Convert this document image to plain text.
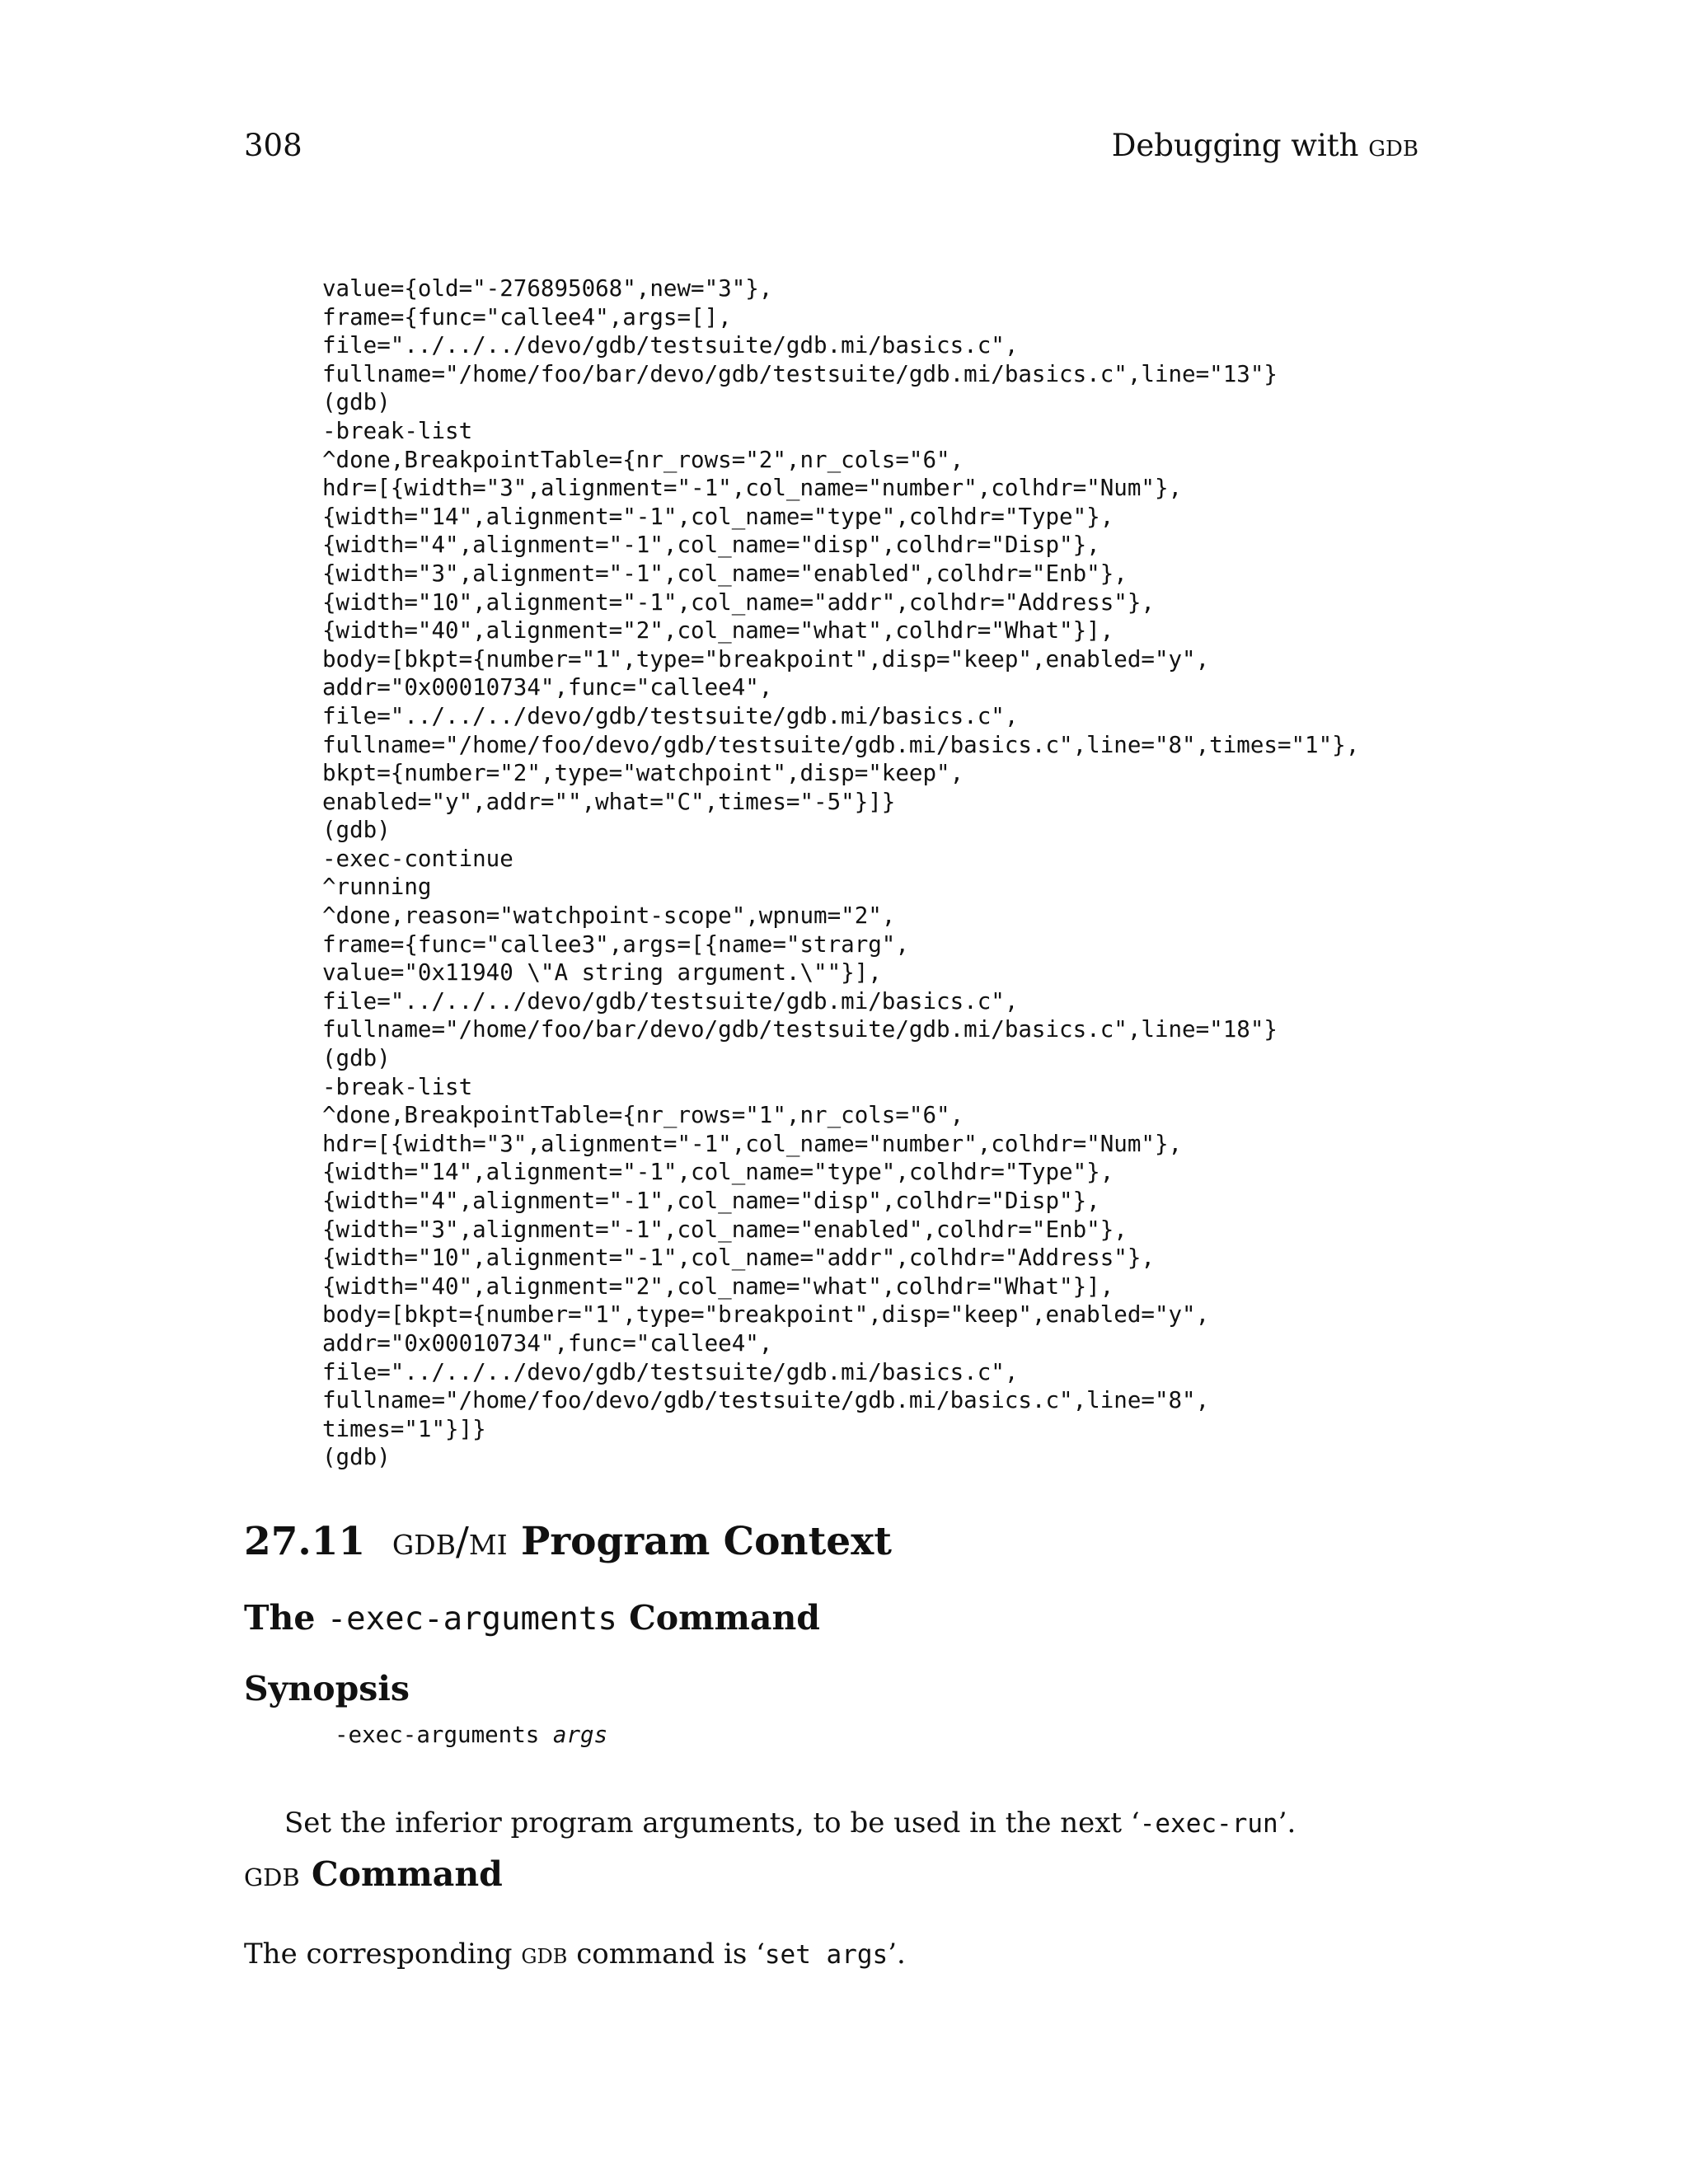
308	Debugging with gdb
value={old="-276895068",new="3"},
frame={func="callee4",args=[],
file="../../../devo/gdb/testsuite/gdb.mi/basics.c",
fullname="/home/foo/bar/devo/gdb/testsuite/gdb.mi/basics.c",line="13"}
(gdb)
-break-list
^done,BreakpointTable={nr_rows="2",nr_cols="6",
hdr=[{width="3",alignment="-1",col_name="number",colhdr="Num"},
{width="14",alignment="-1",col_name="type",colhdr="Type"},
{width="4",alignment="-1",col_name="disp",colhdr="Disp"},
{width="3",alignment="-1",col_name="enabled",colhdr="Enb"},
{width="10",alignment="-1",col_name="addr",colhdr="Address"},
{width="40",alignment="2",col_name="what",colhdr="What"}],
body=[bkpt={number="1",type="breakpoint",disp="keep",enabled="y",
addr="0x00010734",func="callee4",
file="../../../devo/gdb/testsuite/gdb.mi/basics.c",
fullname="/home/foo/devo/gdb/testsuite/gdb.mi/basics.c",line="8",times="1"},
bkpt={number="2",type="watchpoint",disp="keep",
enabled="y",addr="",what="C",times="-5"}]}
(gdb)
-exec-continue
^running
^done,reason="watchpoint-scope",wpnum="2",
frame={func="callee3",args=[{name="strarg",
value="0x11940 \"A string argument.\""}],
file="../../../devo/gdb/testsuite/gdb.mi/basics.c",
fullname="/home/foo/bar/devo/gdb/testsuite/gdb.mi/basics.c",line="18"}
(gdb)
-break-list
^done,BreakpointTable={nr_rows="1",nr_cols="6",
hdr=[{width="3",alignment="-1",col_name="number",colhdr="Num"},
{width="14",alignment="-1",col_name="type",colhdr="Type"},
{width="4",alignment="-1",col_name="disp",colhdr="Disp"},
{width="3",alignment="-1",col_name="enabled",colhdr="Enb"},
{width="10",alignment="-1",col_name="addr",colhdr="Address"},
{width="40",alignment="2",col_name="what",colhdr="What"}],
body=[bkpt={number="1",type="breakpoint",disp="keep",enabled="y",
addr="0x00010734",func="callee4",
file="../../../devo/gdb/testsuite/gdb.mi/basics.c",
fullname="/home/foo/devo/gdb/testsuite/gdb.mi/basics.c",line="8",
times="1"}]}
(gdb)
27.11 gdb/mi Program Context
The -exec-arguments Command
Synopsis
-exec-arguments args

Set the inferior program arguments, to be used in the next ‘-exec-run’.

gdb Command

The corresponding gdb command is ‘set args’.
